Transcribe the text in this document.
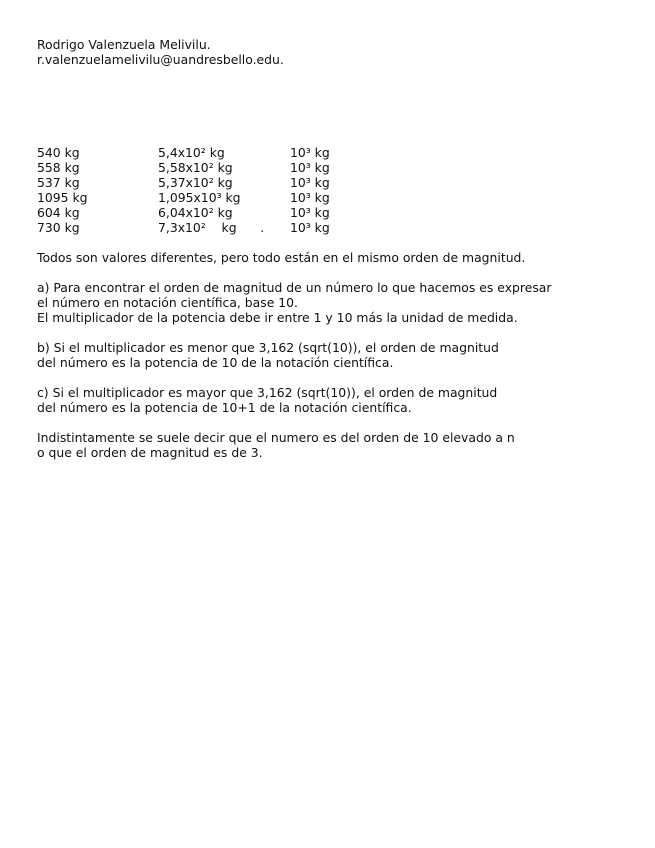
Rodrigo Valenzuela Melivilu.
r.valenzuelamelivilu@uandresbello.edu.
540 kg	5,4x10² kg	10³ kg
558 kg	5,58x10² kg	10³ kg
537 kg	5,37x10² kg	10³ kg
1095 kg	1,095x10³ kg	10³ kg
604 kg	6,04x10² kg	10³ kg
730 kg	7,3x10²    kg      . 10³ kg

Todos son valores diferentes, pero todo están en el mismo orden de magnitud.

a) Para encontrar el orden de magnitud de un número lo que hacemos es expresar
el número en notación científica, base 10.
El multiplicador de la potencia debe ir entre 1 y 10 más la unidad de medida.

b) Si el multiplicador es menor que 3,162 (sqrt(10)), el orden de magnitud
del número es la potencia de 10 de la notación científica.

c) Si el multiplicador es mayor que 3,162 (sqrt(10)), el orden de magnitud
del número es la potencia de 10+1 de la notación científica.

Indistintamente se suele decir que el numero es del orden de 10 elevado a n
o que el orden de magnitud es de 3.
